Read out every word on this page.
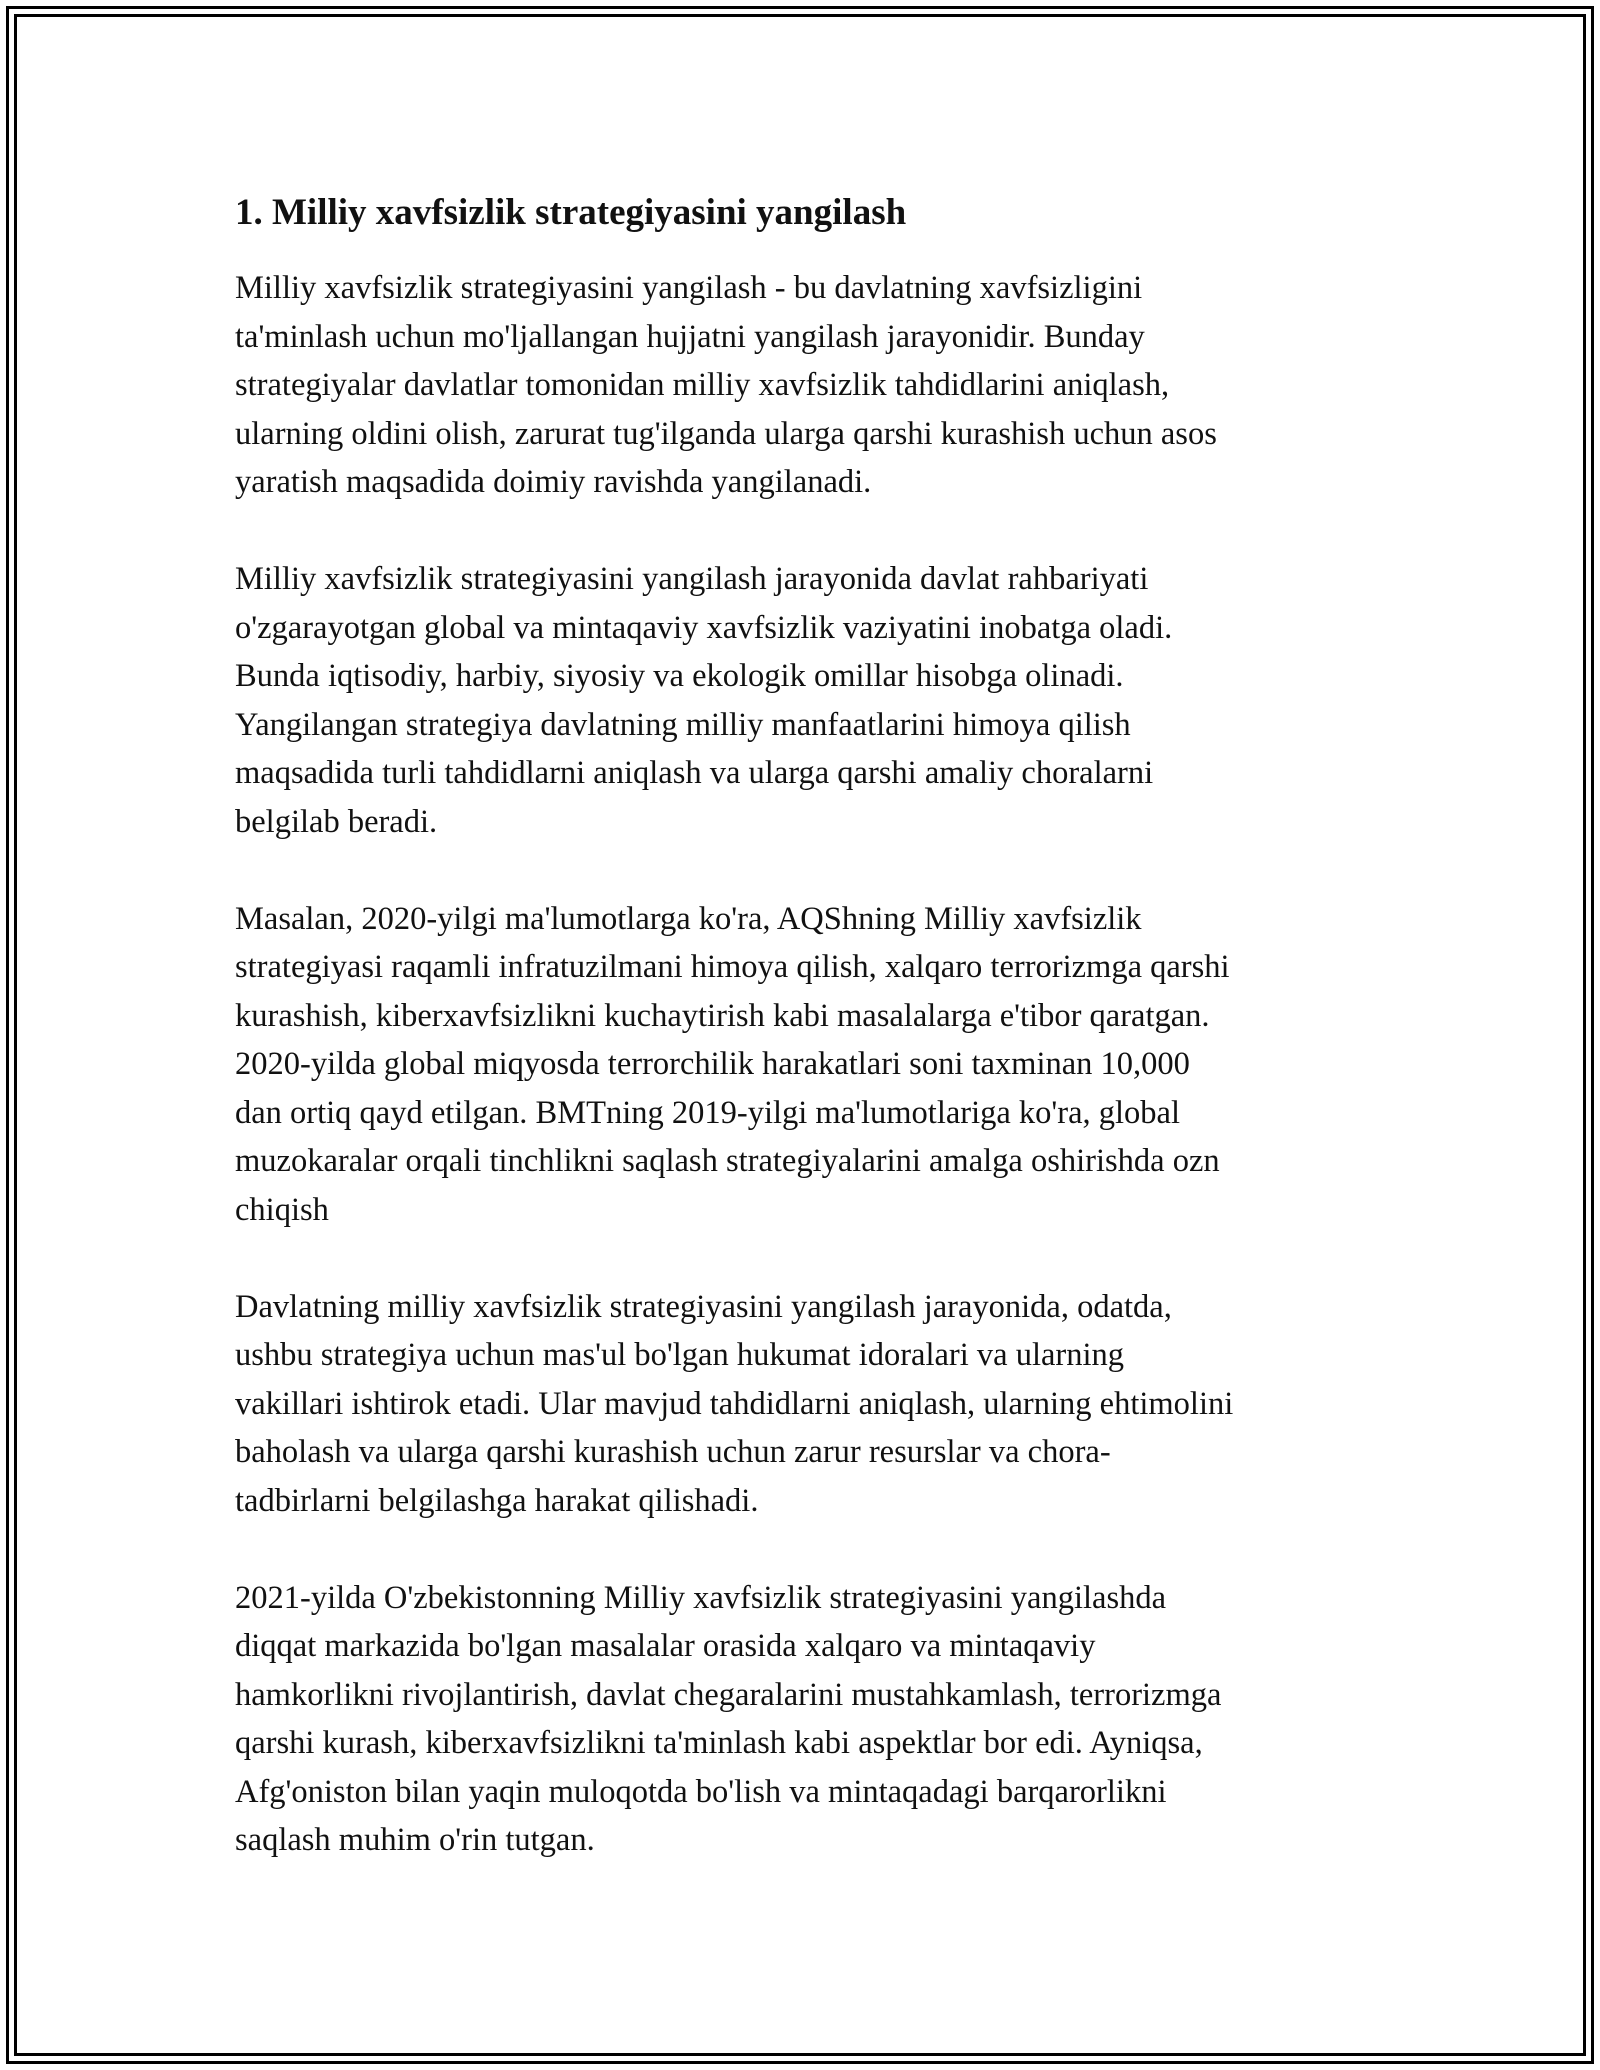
1. Milliy xavfsizlik strategiyasini yangilash

Milliy xavfsizlik strategiyasini yangilash - bu davlatning xavfsizligini
ta'minlash uchun mo'ljallangan hujjatni yangilash jarayonidir. Bunday
strategiyalar davlatlar tomonidan milliy xavfsizlik tahdidlarini aniqlash,
ularning oldini olish, zarurat tug'ilganda ularga qarshi kurashish uchun asos
yaratish maqsadida doimiy ravishda yangilanadi.

Milliy xavfsizlik strategiyasini yangilash jarayonida davlat rahbariyati
o'zgarayotgan global va mintaqaviy xavfsizlik vaziyatini inobatga oladi.
Bunda iqtisodiy, harbiy, siyosiy va ekologik omillar hisobga olinadi.
Yangilangan strategiya davlatning milliy manfaatlarini himoya qilish
maqsadida turli tahdidlarni aniqlash va ularga qarshi amaliy choralarni
belgilab beradi.

Masalan, 2020-yilgi ma'lumotlarga ko'ra, AQShning Milliy xavfsizlik
strategiyasi raqamli infratuzilmani himoya qilish, xalqaro terrorizmga qarshi
kurashish, kiberxavfsizlikni kuchaytirish kabi masalalarga e'tibor qaratgan.
2020-yilda global miqyosda terrorchilik harakatlari soni taxminan 10,000
dan ortiq qayd etilgan. BMTning 2019-yilgi ma'lumotlariga ko'ra, global
muzokaralar orqali tinchlikni saqlash strategiyalarini amalga oshirishda ozn
chiqish

Davlatning milliy xavfsizlik strategiyasini yangilash jarayonida, odatda,
ushbu strategiya uchun mas'ul bo'lgan hukumat idoralari va ularning
vakillari ishtirok etadi. Ular mavjud tahdidlarni aniqlash, ularning ehtimolini
baholash va ularga qarshi kurashish uchun zarur resurslar va chora-
tadbirlarni belgilashga harakat qilishadi.

2021-yilda O'zbekistonning Milliy xavfsizlik strategiyasini yangilashda
diqqat markazida bo'lgan masalalar orasida xalqaro va mintaqaviy
hamkorlikni rivojlantirish, davlat chegaralarini mustahkamlash, terrorizmga
qarshi kurash, kiberxavfsizlikni ta'minlash kabi aspektlar bor edi. Ayniqsa,
Afg'oniston bilan yaqin muloqotda bo'lish va mintaqadagi barqarorlikni
saqlash muhim o'rin tutgan.
